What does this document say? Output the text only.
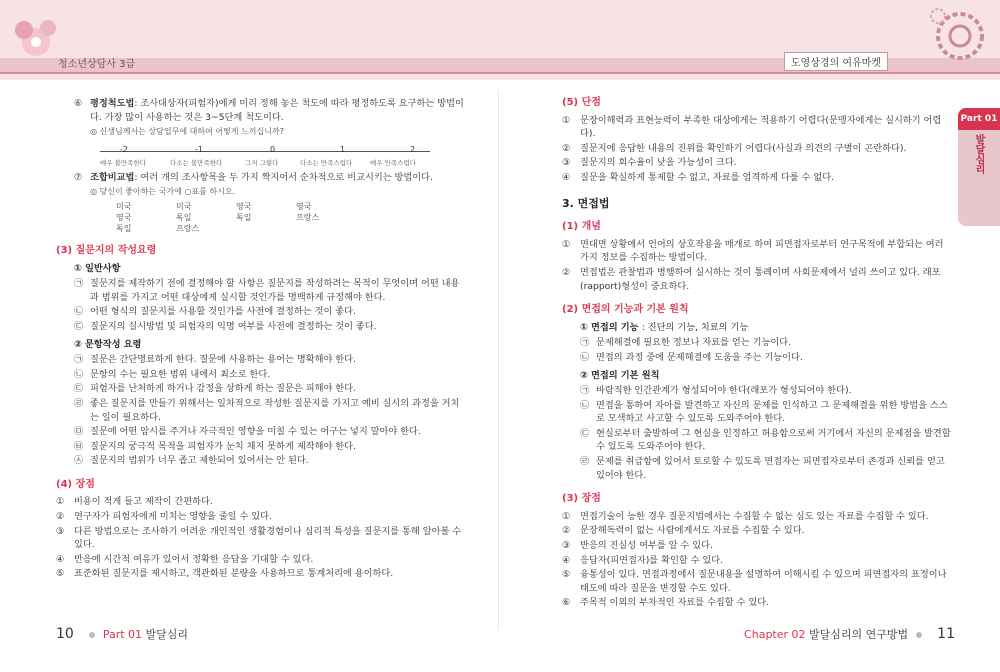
청소년상담사 3급	도영상경의 여유마켓
Part 01
발달심리
⑥ 평정척도법: 조사대상자(피험자)에게 미리 정해 놓은 척도에 따라 평정하도록 요구하는 방법이다. 가장 많이 사용하는 것은 3~5단계 척도이다.
◎ 신생님께서는 상담업무에 대하여 어떻게 느끼십니까?
-2	-1	0	1	2
매우 불만족한다	다소는 불만족한다	그저 그렇다	다소는 만족스럽다	매우 만족스럽다
⑦ 조합비교법: 여러 개의 조사항목을 두 가지 짝지어서 순차적으로 비교시키는 방법이다.
◎ 당신이 좋아하는 국가에 ○표를 하시오.
미국	미국	영국	영국
영국	독일	독일	프랑스
독일	프랑스
(3) 질문지의 작성요령
① 일반사항
㉠ 질문지를 제작하기 전에 결정해야 할 사항은 질문지를 작성하려는 목적이 무엇이며 어떤 내용과 범위를 가지고 어떤 대상에게 실시할 것인가를 명백하게 규정해야 한다.
㉡ 어떤 형식의 질문지를 사용할 것인가를 사전에 결정하는 것이 좋다.
㉢ 질문지의 실시방법 및 피험자의 익명 여부를 사전에 결정하는 것이 좋다.
② 문항작성 요령
㉠ 질문은 간단명료하게 한다. 질문에 사용하는 용어는 명확해야 한다.
㉡ 문항의 수는 필요한 범위 내에서 최소로 한다.
㉢ 피험자를 난처하게 하거나 감정을 상하게 하는 질문은 피해야 한다.
㉣ 좋은 질문지를 만들기 위해서는 일차적으로 작성한 질문지를 가지고 예비 실시의 과정을 거치는 일이 필요하다.
㉤ 질문에 어떤 암시를 주거나 자극적인 영향을 미칠 수 있는 어구는 넣지 말아야 한다.
㉥ 질문지의 궁극적 목적을 피험자가 눈치 채지 못하게 제작해야 한다.
㉦ 질문지의 범위가 너무 좁고 제한되어 있어서는 안 된다.
(4) 장점
① 비용이 적게 들고 제작이 간편하다.
② 연구자가 피험자에게 미치는 영향을 줄일 수 있다.
③ 다른 방법으로는 조사하기 어려운 개인적인 생활경험이나 심리적 특성을 질문지를 통해 알아볼 수 있다.
④ 반응에 시간적 여유가 있어서 정확한 응답을 기대할 수 있다.
⑤ 표준화된 질문지를 제시하고, 객관화된 분량을 사용하므로 통계처리에 용이하다.
(5) 단점
① 문장이해력과 표현능력이 부족한 대상에게는 적용하기 어렵다(문맹자에게는 실시하기 어렵다).
② 질문지에 응답한 내용의 진위를 확인하기 어렵다(사실과 의견의 구별이 곤란하다).
③ 질문지의 회수율이 낮을 가능성이 크다.
④ 질문을 확실하게 통제할 수 없고, 자료를 엄격하게 다룰 수 없다.
3. 면접법
(1) 개념
① 면대면 상황에서 언어의 상호작용을 매개로 하여 피면접자로부터 연구목적에 부합되는 여러 가지 정보를 수집하는 방법이다.
② 면접법은 관찰법과 병행하여 실시하는 것이 통례이며 사회문제에서 널리 쓰이고 있다. 래포(rapport)형성이 중요하다.
(2) 면접의 기능과 기본 원칙
① 면접의 기능 : 진단의 기능, 치료의 기능
㉠ 문제해결에 필요한 정보나 자료를 얻는 기능이다.
㉡ 면접의 과정 중에 문제해결에 도움을 주는 기능이다.
② 면접의 기본 원칙
㉠ 바람직한 인간관계가 형성되어야 한다(래포가 형성되어야 한다).
㉡ 면접을 통하여 자아를 발견하고 자신의 문제를 인식하고 그 문제해결을 위한 방법을 스스로 모색하고 사고할 수 있도록 도와주어야 한다.
㉢ 현실로부터 출발하여 그 현실을 인정하고 허용함으로써 거기에서 자신의 문제점을 발견할 수 있도록 도와주어야 한다.
㉣ 문제를 취급함에 있어서 토로할 수 있도록 면접자는 피면접자로부터 존경과 신뢰를 얻고 있어야 한다.
(3) 장점
① 면접기술이 능한 경우 질문지법에서는 수집할 수 없는 심도 있는 자료를 수집할 수 있다.
② 문장해독력이 없는 사람에게서도 자료를 수집할 수 있다.
③ 반응의 진실성 여부를 알 수 있다.
④ 응답자(피면접자)를 확인할 수 있다.
⑤ 융통성이 있다. 면접과정에서 질문내용을 설명하여 이해시킬 수 있으며 피면접자의 표정이나 태도에 따라 질문을 변경할 수도 있다.
⑥ 주목적 이외의 부차적인 자료를 수집할 수 있다.
10	Part 01 발달심리	Chapter 02 발달심리의 연구방법 11
